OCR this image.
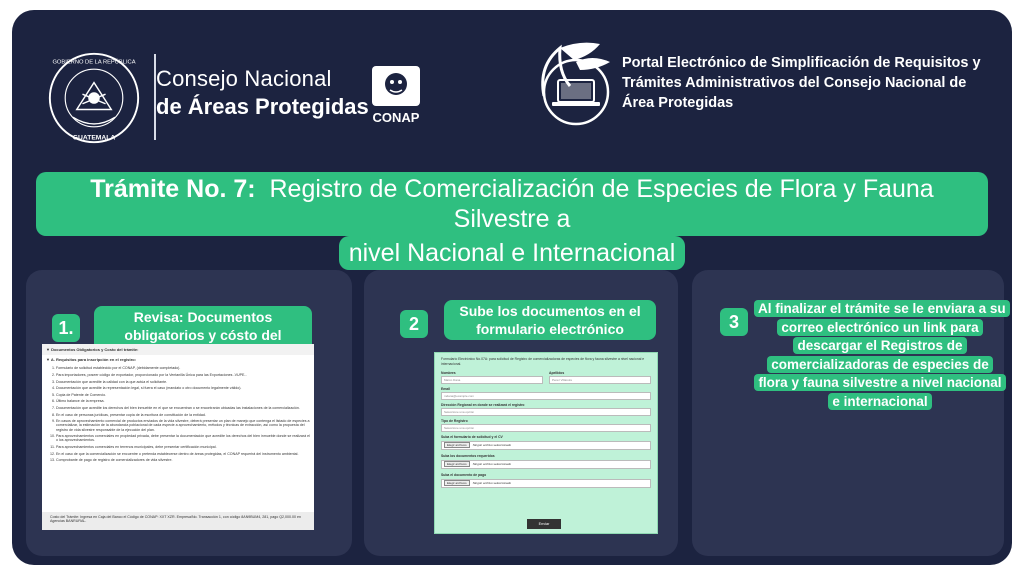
GOBIERNO DE LA REPÚBLICA
GUATEMALA
Consejo Nacional
de Áreas Protegidas CONAP
Portal Electrónico de Simplificación de Requisitos y Trámites Administrativos del Consejo Nacional de Área Protegidas
Trámite No. 7: Registro de Comercialización de Especies de Flora y Fauna Silvestre a
nivel Nacional e Internacional
1.
Revisa: Documentos obligatorios y cósto del
2
Sube los documentos en el formulario electrónico	3
Al finalizar el trámite se le enviara a su correo electrónico un link para descargar el Registros de comercializadoras de especies de flora y fauna silvestre a nivel nacional e internacional
▼ Documentos Obligatorios y Costo del trámite:
▼ A. Requisitos para inscripción en el registro:
1. Formulario de solicitud establecido por el CONAP, (debidamente completado).
2. Para importadores, poseer código de exportador, proporcionado por la Ventanilla Única para las Exportaciones -VUPE-.
3. Documentación que acredite la calidad con la que actúa el solicitante.
4. Documentación que acredite la representación legal, si fuera el caso (mandato o otro documento legalmente válido).
5. Copia de Patente de Comercio.
6. Último balance de la empresa.
7. Documentación que acredite los derechos del bien inmueble en el que se encuentran o se encontrarán ubicadas las instalaciones de la comercialización.
8. En el caso de personas jurídicas, presentar copia de la escritura de constitución de la entidad.
9. En casos de aprovechamiento comercial de productos enviados de la vida silvestre, deberá presentar un plan de manejo que contenga el listado de especies a comercializar, la estimación de la abundancia poblacional de cada especie a aprovechamiento, métodos y técnicas de extracción, así como la propuesta del registro de vida silvestre responsable de la ejecución del plan.
10. Para aprovechamientos comerciales en propiedad privada, debe presentar la documentación que acredite los derechos del bien inmueble donde se realizará el o los aprovechamientos.
11. Para aprovechamientos comerciales en terrenos municipales, debe presentar certificación municipal.
12. En el caso de que la comercialización se encuentre o pretenda establecerse dentro de áreas protegidas, el CONAP requerirá del instrumento ambiental.
13. Comprobante de pago de registro de comercializadores de vida silvestre.
Costo del Trámite: Ingresa en Caja del Banco el Código de CONAP: XXT XZR. Empresa/No. Transacción 1, con código 8AN9BUM4, 281, pago Q2,000.00 en Agencias BANRURAL.
Formulario Electrónico No.07A: para solicitud de Registro de comercializadoras de especies de flora y fauna silvestre a nivel nacional e internacional.
Nombres	Apellidos
Marco Dana	Perez Villaroks
Email
mdana@example.com
Dirección Regional en donde se realizará el registro
Seleccione una opción
Tipo de Registro
Seleccione una opción
Suba el formulario de solicitud y el CV
Elegir archivos Ningún archivo seleccionado
Suba los documentos requeridos
Elegir archivos Ningún archivo seleccionado
Suba el documento de pago
Elegir archivos Ningún archivo seleccionado
Enviar
